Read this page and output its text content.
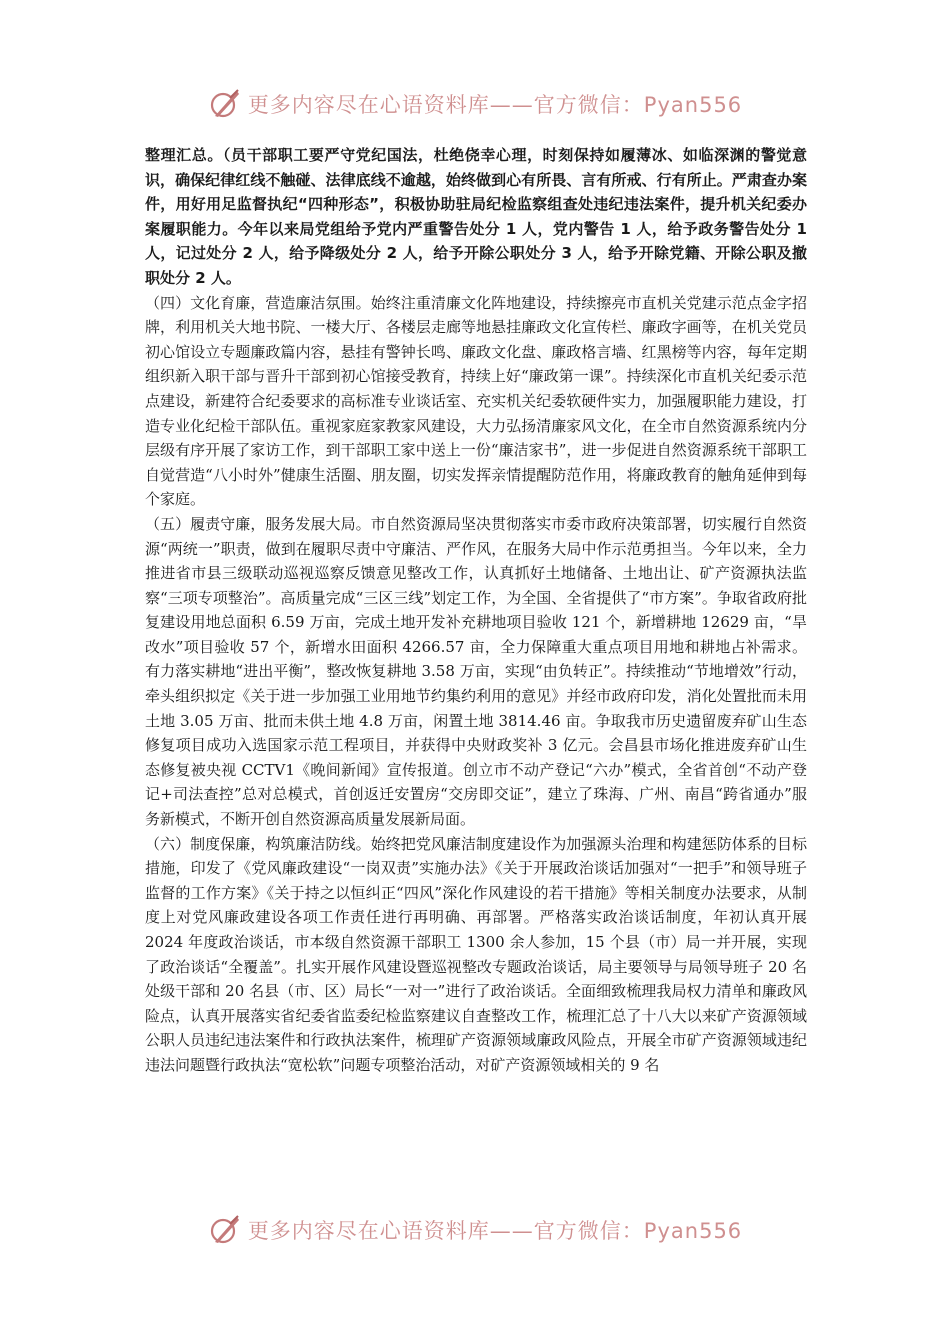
更多内容尽在心语资料库——官方微信：Pyan556

整理汇总。（员干部职工要严守党纪国法，杜绝侥幸心理，时刻保持如履薄冰、如临深渊的警觉意识，确保纪律红线不触碰、法律底线不逾越，始终做到心有所畏、言有所戒、行有所止。严肃查办案件，用好用足监督执纪“四种形态”，积极协助驻局纪检监察组查处违纪违法案件，提升机关纪委办案履职能力。今年以来局党组给予党内严重警告处分 1 人，党内警告 1 人，给予政务警告处分 1 人，记过处分 2 人，给予降级处分 2 人，给予开除公职处分 3 人，给予开除党籍、开除公职及撤职处分 2 人。

（四）文化育廉，营造廉洁氛围。始终注重清廉文化阵地建设，持续擦亮市直机关党建示范点金字招牌，利用机关大地书院、一楼大厅、各楼层走廊等地悬挂廉政文化宣传栏、廉政字画等，在机关党员初心馆设立专题廉政篇内容，悬挂有警钟长鸣、廉政文化盘、廉政格言墙、红黑榜等内容，每年定期组织新入职干部与晋升干部到初心馆接受教育，持续上好“廉政第一课”。持续深化市直机关纪委示范点建设，新建符合纪委要求的高标准专业谈话室、充实机关纪委软硬件实力，加强履职能力建设，打造专业化纪检干部队伍。重视家庭家教家风建设，大力弘扬清廉家风文化，在全市自然资源系统内分层级有序开展了家访工作，到干部职工家中送上一份“廉洁家书”，进一步促进自然资源系统干部职工自觉营造“八小时外”健康生活圈、朋友圈，切实发挥亲情提醒防范作用，将廉政教育的触角延伸到每个家庭。

（五）履责守廉，服务发展大局。市自然资源局坚决贯彻落实市委市政府决策部署，切实履行自然资源“两统一”职责，做到在履职尽责中守廉洁、严作风，在服务大局中作示范勇担当。今年以来，全力推进省市县三级联动巡视巡察反馈意见整改工作，认真抓好土地储备、土地出让、矿产资源执法监察“三项专项整治”。高质量完成“三区三线”划定工作，为全国、全省提供了“市方案”。争取省政府批复建设用地总面积 6.59 万亩，完成土地开发补充耕地项目验收 121 个，新增耕地 12629 亩，“旱改水”项目验收 57 个，新增水田面积 4266.57 亩，全力保障重大重点项目用地和耕地占补需求。有力落实耕地“进出平衡”，整改恢复耕地 3.58 万亩，实现“由负转正”。持续推动“节地增效”行动，牵头组织拟定《关于进一步加强工业用地节约集约利用的意见》并经市政府印发，消化处置批而未用土地 3.05 万亩、批而未供土地 4.8 万亩，闲置土地 3814.46 亩。争取我市历史遗留废弃矿山生态修复项目成功入选国家示范工程项目，并获得中央财政奖补 3 亿元。会昌县市场化推进废弃矿山生态修复被央视 CCTV1《晚间新闻》宣传报道。创立市不动产登记“六办”模式，全省首创“不动产登记+司法查控”总对总模式，首创返迁安置房“交房即交证”，建立了珠海、广州、南昌“跨省通办”服务新模式，不断开创自然资源高质量发展新局面。

（六）制度保廉，构筑廉洁防线。始终把党风廉洁制度建设作为加强源头治理和构建惩防体系的目标措施，印发了《党风廉政建设“一岗双责”实施办法》《关于开展政治谈话加强对“一把手”和领导班子监督的工作方案》《关于持之以恒纠正“四风”深化作风建设的若干措施》等相关制度办法要求，从制度上对党风廉政建设各项工作责任进行再明确、再部署。严格落实政治谈话制度，年初认真开展 2024 年度政治谈话，市本级自然资源干部职工 1300 余人参加，15 个县（市）局一并开展，实现了政治谈话“全覆盖”。扎实开展作风建设暨巡视整改专题政治谈话，局主要领导与局领导班子 20 名处级干部和 20 名县（市、区）局长“一对一”进行了政治谈话。全面细致梳理我局权力清单和廉政风险点，认真开展落实省纪委省监委纪检监察建议自查整改工作，梳理汇总了十八大以来矿产资源领域公职人员违纪违法案件和行政执法案件，梳理矿产资源领域廉政风险点，开展全市矿产资源领域违纪违法问题暨行政执法“宽松软”问题专项整治活动，对矿产资源领域相关的 9 名

更多内容尽在心语资料库——官方微信：Pyan556
